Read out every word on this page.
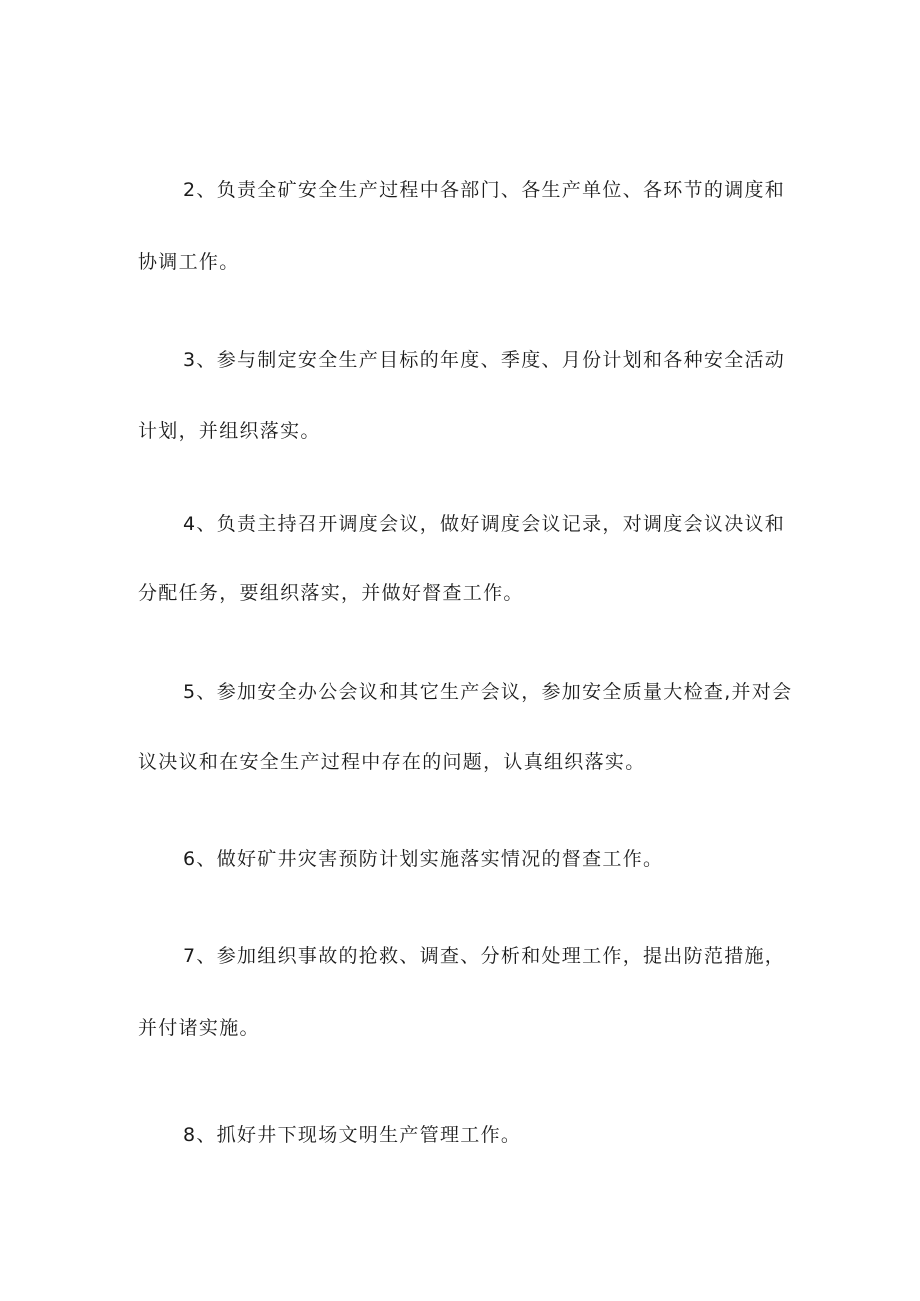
2、负责全矿安全生产过程中各部门、各生产单位、各环节的调度和
协调工作。
3、参与制定安全生产目标的年度、季度、月份计划和各种安全活动
计划，并组织落实。
4、负责主持召开调度会议，做好调度会议记录，对调度会议决议和
分配任务，要组织落实，并做好督查工作。
5、参加安全办公会议和其它生产会议，参加安全质量大检查,并对会
议决议和在安全生产过程中存在的问题，认真组织落实。
6、做好矿井灾害预防计划实施落实情况的督查工作。
7、参加组织事故的抢救、调查、分析和处理工作，提出防范措施，
并付诸实施。
8、抓好井下现场文明生产管理工作。
